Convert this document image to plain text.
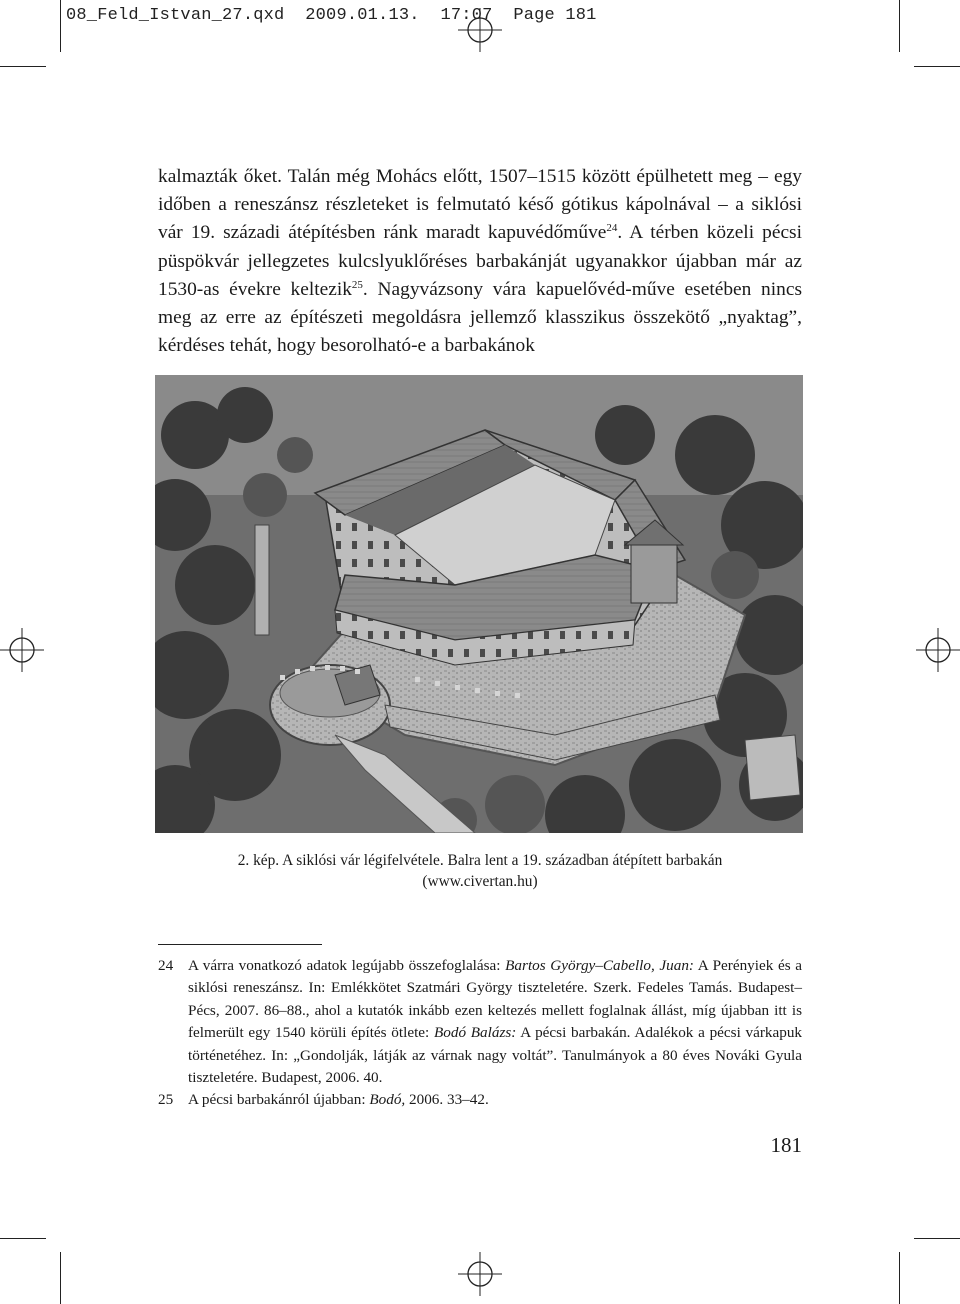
08_Feld_Istvan_27.qxd 2009.01.13. 17:07 Page 181

kalmazták őket. Talán még Mohács előtt, 1507–1515 között épülhetett meg – egy időben a reneszánsz részleteket is felmutató késő gótikus kápolnával – a siklósi vár 19. századi átépítésben ránk maradt kapuvédőműve$^{24}$. A térben közeli pécsi püspökvár jellegzetes kulcslyuklőréses barbakánját ugyanakkor újabban már az 1530-as évekre keltezik$^{25}$. Nagyvázsony vára kapuelővéd-műve esetében nincs meg az erre az építészeti megoldásra jellemző klasszikus összekötő „nyaktag”, kérdéses tehát, hogy besorolható-e a barbakánok

2. kép. A siklósi vár légifelvétele. Balra lent a 19. században átépített barbakán
(www.civertan.hu)
24 A várra vonatkozó adatok legújabb összefoglalása: Bartos György–Cabello, Juan: A Perényiek és a siklósi reneszánsz. In: Emlékkötet Szatmári György tiszteletére. Szerk. Fedeles Tamás. Budapest–Pécs, 2007. 86–88., ahol a kutatók inkább ezen keltezés mellett foglalnak állást, míg újabban itt is felmerült egy 1540 körüli építés ötlete: Bodó Balázs: A pécsi barbakán. Adalékok a pécsi várkapuk történetéhez. In: „Gondolják, látják az várnak nagy voltát”. Tanulmányok a 80 éves Nováki Gyula tiszteletére. Budapest, 2006. 40.
25 A pécsi barbakánról újabban: Bodó, 2006. 33–42.
181
